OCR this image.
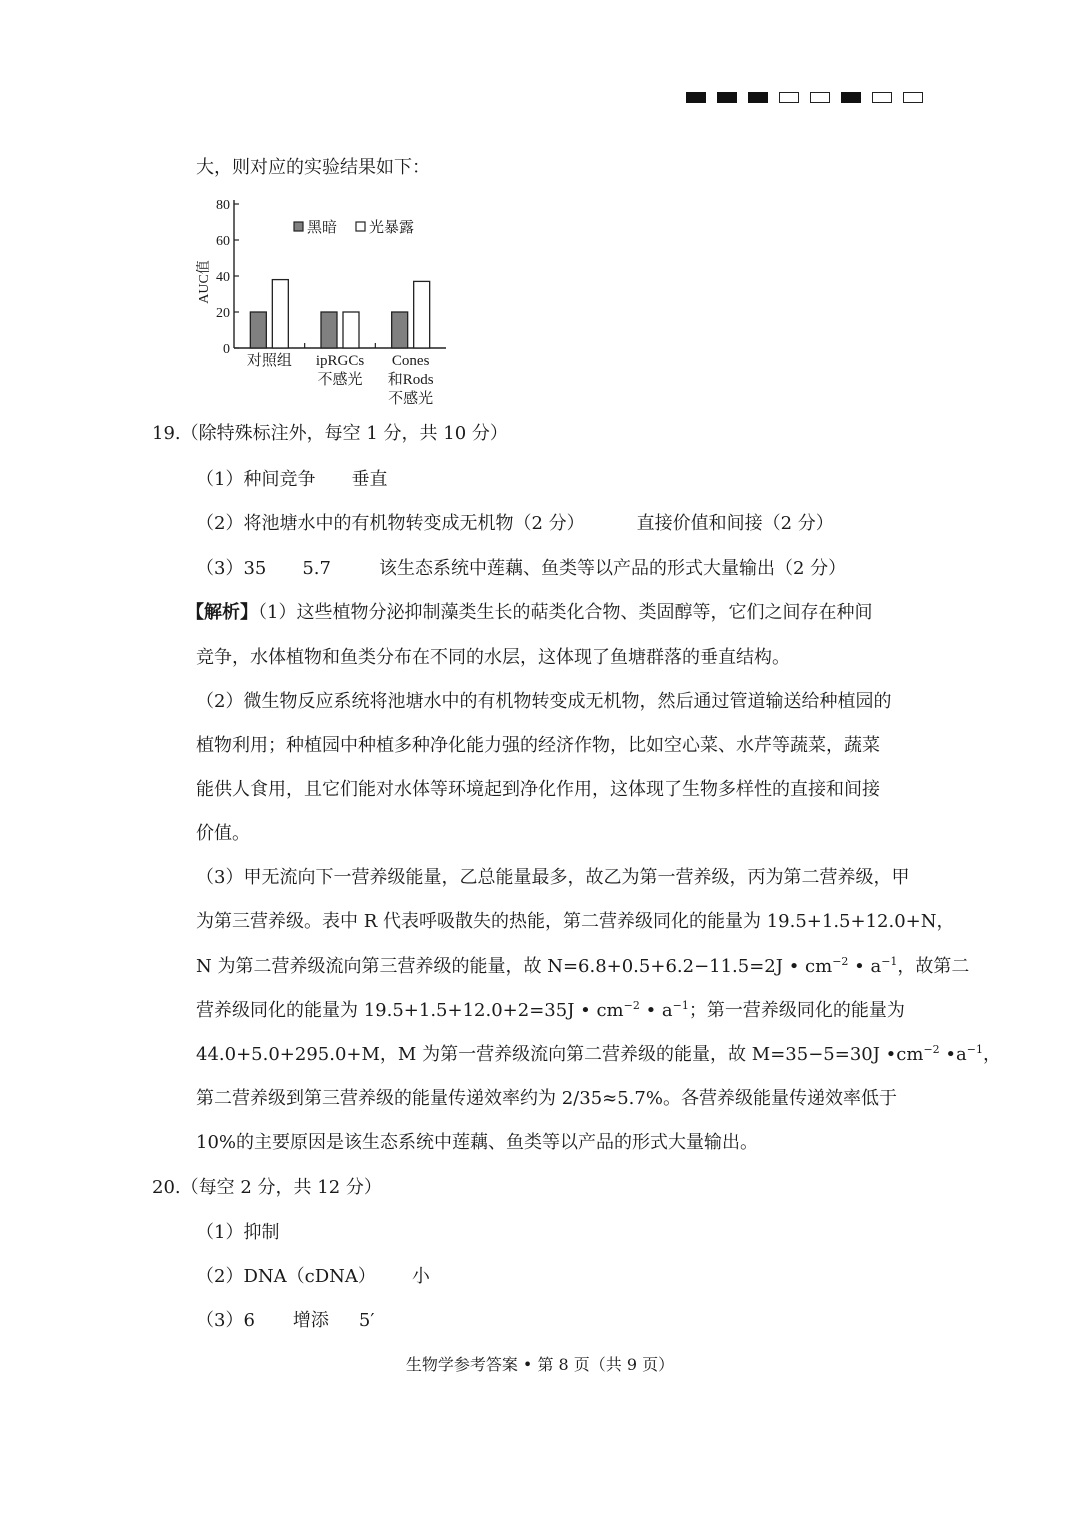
大，则对应的实验结果如下：
0
20
40
60
80
AUC值
对照组 ipRGCs
不感光
Cones
和Rods
不感光
黑暗 光暴露
19.（除特殊标注外，每空 1 分，共 10 分）
（1）种间竞争 垂直
（2）将池塘水中的有机物转变成无机物（2 分）	直接价值和间接（2 分）
（3）35 5.7	该生态系统中莲藕、鱼类等以产品的形式大量输出（2 分）
【解析】（1）这些植物分泌抑制藻类生长的萜类化合物、类固醇等，它们之间存在种间
竞争，水体植物和鱼类分布在不同的水层，这体现了鱼塘群落的垂直结构。
（2）微生物反应系统将池塘水中的有机物转变成无机物，然后通过管道输送给种植园的
植物利用；种植园中种植多种净化能力强的经济作物，比如空心菜、水芹等蔬菜，蔬菜
能供人食用，且它们能对水体等环境起到净化作用，这体现了生物多样性的直接和间接
价值。
（3）甲无流向下一营养级能量，乙总能量最多，故乙为第一营养级，丙为第二营养级，甲
为第三营养级。表中 R 代表呼吸散失的热能，第二营养级同化的能量为 19.5+1.5+12.0+N，
N 为第二营养级流向第三营养级的能量，故 N=6.8+0.5+6.2−11.5=2J • $cm^{-2}$ • $a^{-1}$，故第二
营养级同化的能量为 19.5+1.5+12.0+2=35J • $cm^{-2}$ • $a^{-1}$；第一营养级同化的能量为
44.0+5.0+295.0+M，M 为第一营养级流向第二营养级的能量，故 M=35−5=30J $•cm^{-2}$ $•a^{-1}$，
第二营养级到第三营养级的能量传递效率约为 2/35≈5.7%。各营养级能量传递效率低于
10%的主要原因是该生态系统中莲藕、鱼类等以产品的形式大量输出。
20.（每空 2 分，共 12 分）
（1）抑制
（2）DNA（cDNA） 小
（3）6 增添 5′
生物学参考答案 • 第 8 页（共 9 页）
